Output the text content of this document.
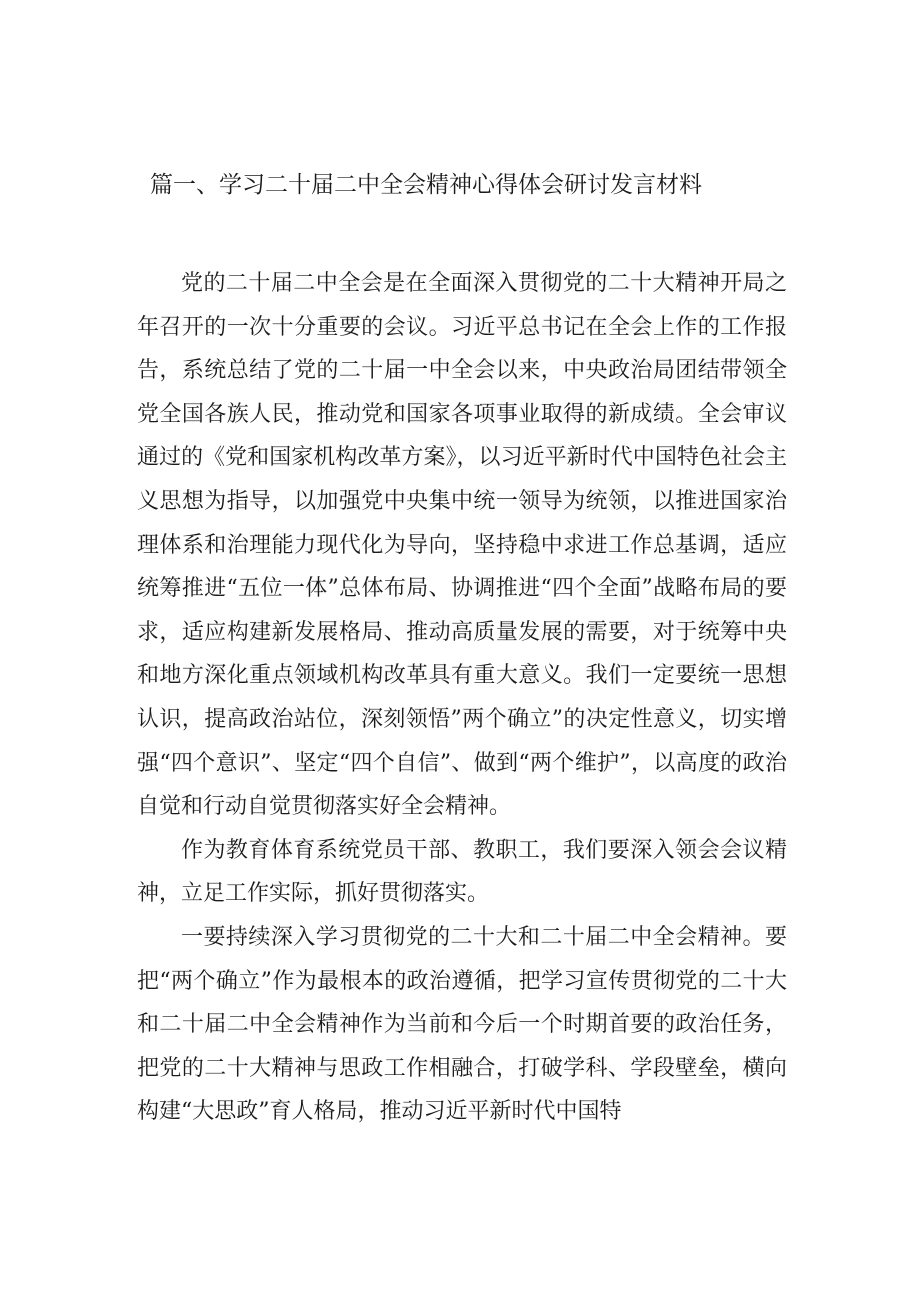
篇一、学习二十届二中全会精神心得体会研讨发言材料

党的二十届二中全会是在全面深入贯彻党的二十大精神开局之年召开的一次十分重要的会议。习近平总书记在全会上作的工作报告，系统总结了党的二十届一中全会以来，中央政治局团结带领全党全国各族人民，推动党和国家各项事业取得的新成绩。全会审议通过的《党和国家机构改革方案》，以习近平新时代中国特色社会主义思想为指导，以加强党中央集中统一领导为统领，以推进国家治理体系和治理能力现代化为导向，坚持稳中求进工作总基调，适应统筹推进“五位一体”总体布局、协调推进“四个全面”战略布局的要求，适应构建新发展格局、推动高质量发展的需要，对于统筹中央和地方深化重点领域机构改革具有重大意义。我们一定要统一思想认识，提高政治站位，深刻领悟”两个确立”的决定性意义，切实增强“四个意识”、坚定“四个自信”、做到“两个维护”，以高度的政治自觉和行动自觉贯彻落实好全会精神。

作为教育体育系统党员干部、教职工，我们要深入领会会议精神，立足工作实际，抓好贯彻落实。

一要持续深入学习贯彻党的二十大和二十届二中全会精神。要把“两个确立”作为最根本的政治遵循，把学习宣传贯彻党的二十大和二十届二中全会精神作为当前和今后一个时期首要的政治任务，把党的二十大精神与思政工作相融合，打破学科、学段壁垒，横向构建“大思政”育人格局，推动习近平新时代中国特
